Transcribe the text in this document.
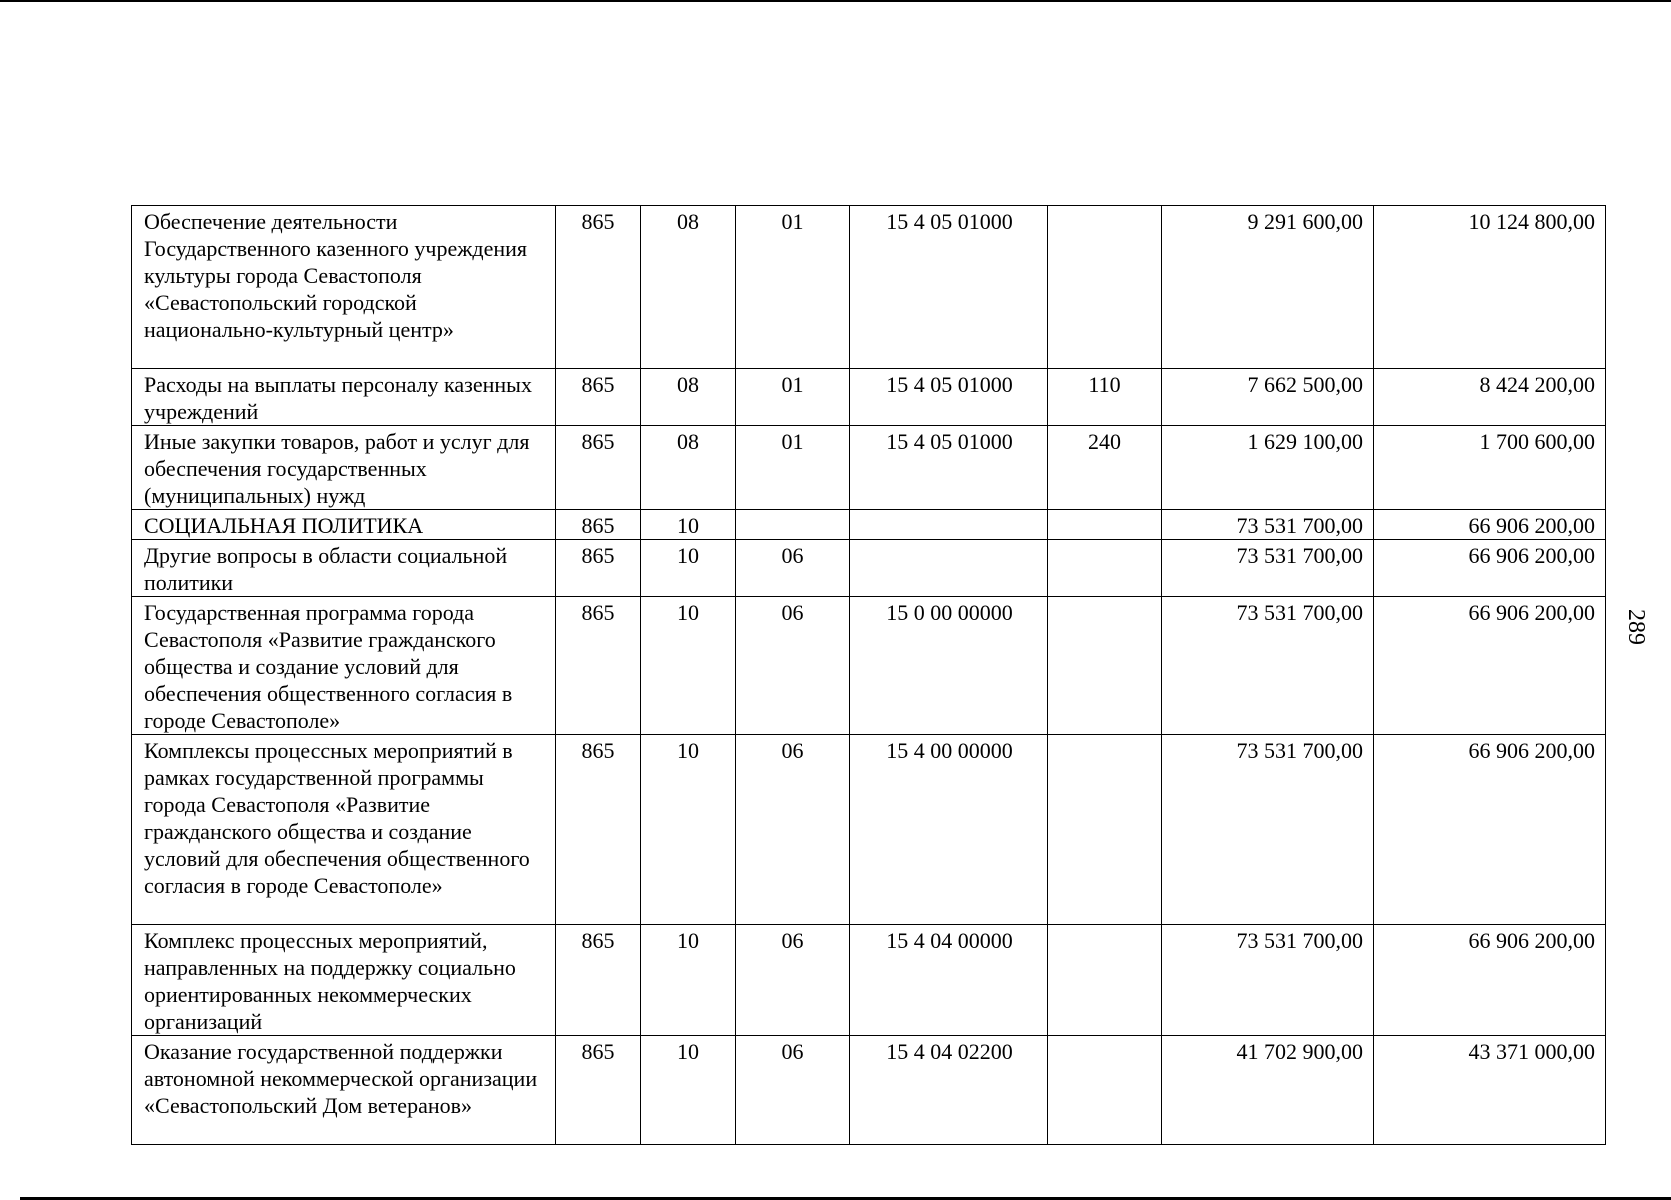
Обеспечение деятельности Государственного казенного учреждения культуры города Севастополя «Севастопольский городской национально-культурный центр»	865	08	01	15 4 05 01000		9 291 600,00	10 124 800,00
Расходы на выплаты персоналу казенных учреждений	865	08	01	15 4 05 01000	110	7 662 500,00	8 424 200,00
Иные закупки товаров, работ и услуг для обеспечения государственных (муниципальных) нужд	865	08	01	15 4 05 01000	240	1 629 100,00	1 700 600,00
СОЦИАЛЬНАЯ ПОЛИТИКА	865	10				73 531 700,00	66 906 200,00
Другие вопросы в области социальной политики	865	10	06			73 531 700,00	66 906 200,00
Государственная программа города Севастополя «Развитие гражданского общества и создание условий для обеспечения общественного согласия в городе Севастополе»	865	10	06	15 0 00 00000		73 531 700,00	66 906 200,00
Комплексы процессных мероприятий в рамках государственной программы города Севастополя «Развитие гражданского общества и создание условий для обеспечения общественного согласия в городе Севастополе»	865	10	06	15 4 00 00000		73 531 700,00	66 906 200,00
Комплекс процессных мероприятий, направленных на поддержку социально ориентированных некоммерческих организаций	865	10	06	15 4 04 00000		73 531 700,00	66 906 200,00
Оказание государственной поддержки автономной некоммерческой организации «Севастопольский Дом ветеранов»	865	10	06	15 4 04 02200		41 702 900,00	43 371 000,00
289
